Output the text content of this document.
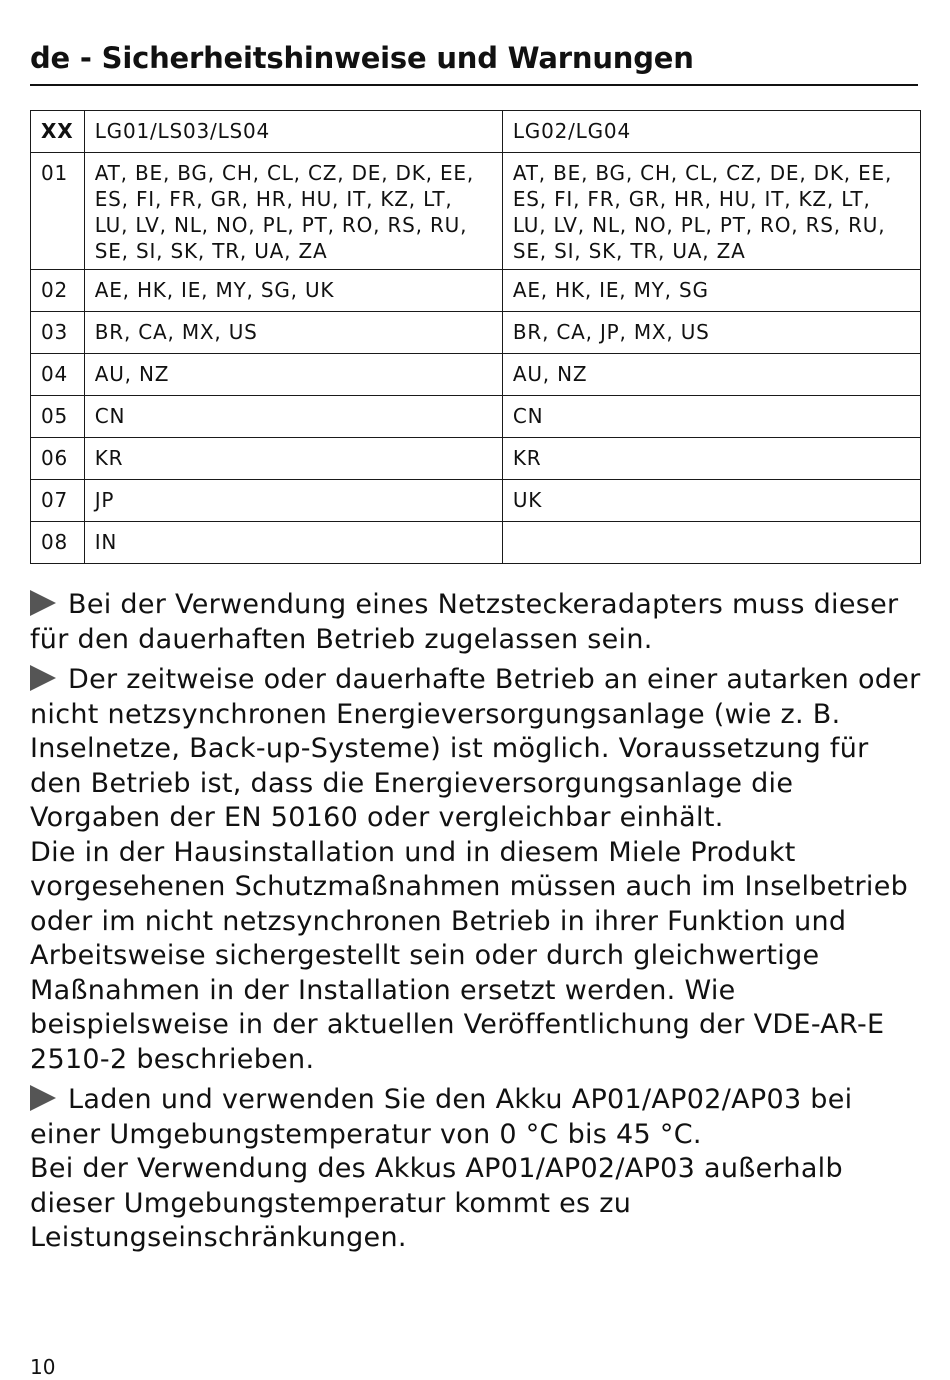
de - Sicherheitshinweise und Warnungen
XX	LG01/LS03/LS04	LG02/LG04
01	AT, BE, BG, CH, CL, CZ, DE, DK, EE,
ES, FI, FR, GR, HR, HU, IT, KZ, LT,
LU, LV, NL, NO, PL, PT, RO, RS, RU,
SE, SI, SK, TR, UA, ZA	AT, BE, BG, CH, CL, CZ, DE, DK, EE,
ES, FI, FR, GR, HR, HU, IT, KZ, LT,
LU, LV, NL, NO, PL, PT, RO, RS, RU,
SE, SI, SK, TR, UA, ZA
02	AE, HK, IE, MY, SG, UK	AE, HK, IE, MY, SG
03	BR, CA, MX, US	BR, CA, JP, MX, US
04	AU, NZ	AU, NZ
05	CN	CN
06	KR	KR
07	JP	UK
08	IN	

Bei der Verwendung eines Netzsteckeradapters muss dieser für den dauerhaften Betrieb zugelassen sein.

Der zeitweise oder dauerhafte Betrieb an einer autarken oder nicht netzsynchronen Energieversorgungsanlage (wie z. B. Inselnetze, Back-up-Systeme) ist möglich. Voraussetzung für den Betrieb ist, dass die Energieversorgungsanlage die Vorgaben der EN 50160 oder vergleichbar einhält.

Die in der Hausinstallation und in diesem Miele Produkt vorgesehenen Schutzmaßnahmen müssen auch im Inselbetrieb oder im nicht netzsynchronen Betrieb in ihrer Funktion und Arbeitsweise sichergestellt sein oder durch gleichwertige Maßnahmen in der Installation ersetzt werden. Wie beispielsweise in der aktuellen Veröffentlichung der VDE-AR-E 2510-2 beschrieben.

Laden und verwenden Sie den Akku AP01/AP02/AP03 bei einer Umgebungstemperatur von 0 °C bis 45 °C.

Bei der Verwendung des Akkus AP01/AP02/AP03 außerhalb dieser Umgebungstemperatur kommt es zu Leistungseinschränkungen.

10
